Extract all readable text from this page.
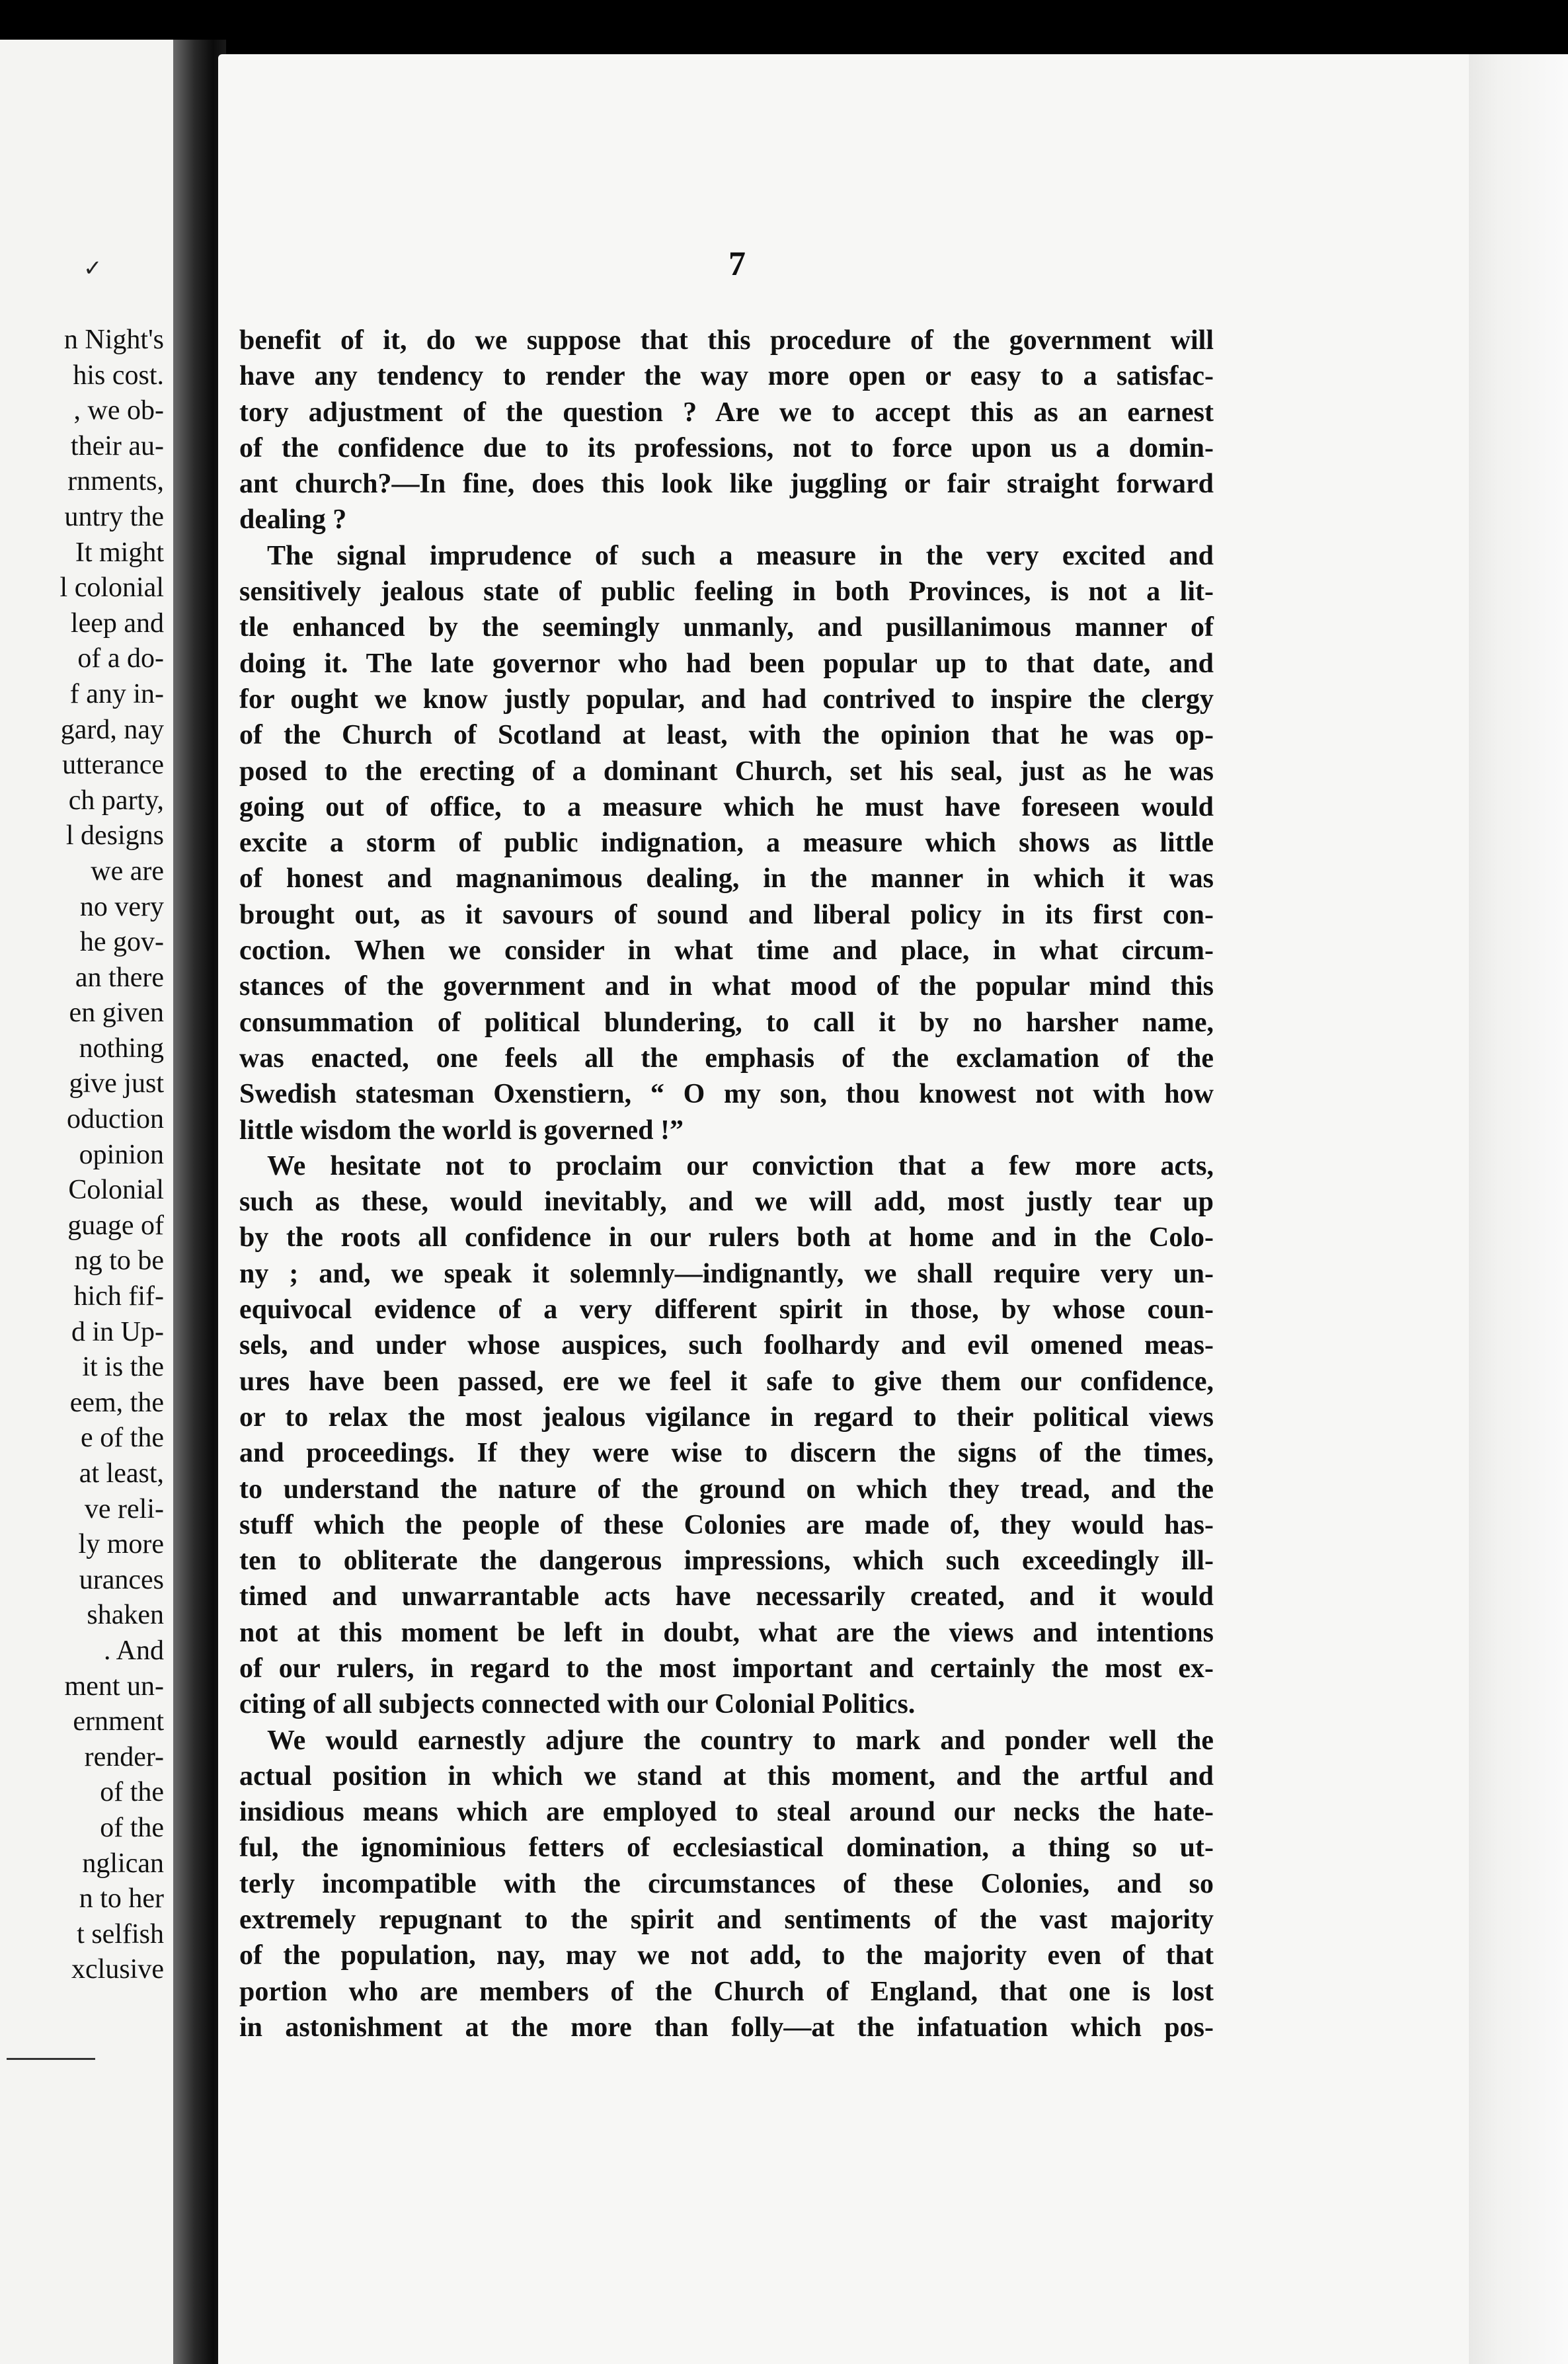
✓
n Night's
his cost.
, we ob-
their au-
rnments,
untry the
It might
l colonial
leep and
of a do-
f any in-
gard, nay
utterance
ch party,
l designs
we are
no very
he gov-
an there
en given
nothing
give just
oduction
opinion
Colonial
guage of
ng to be
hich fif-
d in Up-
it is the
eem, the
e of the
at least,
ve reli-
ly more
urances
shaken
. And
ment un-
ernment
render-
of the
of the
nglican
n to her
t selfish
xclusive
7
benefit of it, do we suppose that this procedure of the government will
have any tendency to render the way more open or easy to a satisfac-
tory adjustment of the question ? Are we to accept this as an earnest
of the confidence due to its professions, not to force upon us a domin-
ant church?—In fine, does this look like juggling or fair straight forward
dealing ?
 The signal imprudence of such a measure in the very excited and
sensitively jealous state of public feeling in both Provinces, is not a lit-
tle enhanced by the seemingly unmanly, and pusillanimous manner of
doing it. The late governor who had been popular up to that date, and
for ought we know justly popular, and had contrived to inspire the clergy
of the Church of Scotland at least, with the opinion that he was op-
posed to the erecting of a dominant Church, set his seal, just as he was
going out of office, to a measure which he must have foreseen would
excite a storm of public indignation, a measure which shows as little
of honest and magnanimous dealing, in the manner in which it was
brought out, as it savours of sound and liberal policy in its first con-
coction. When we consider in what time and place, in what circum-
stances of the government and in what mood of the popular mind this
consummation of political blundering, to call it by no harsher name,
was enacted, one feels all the emphasis of the exclamation of the
Swedish statesman Oxenstiern, “ O my son, thou knowest not with how
little wisdom the world is governed !”
 We hesitate not to proclaim our conviction that a few more acts,
such as these, would inevitably, and we will add, most justly tear up
by the roots all confidence in our rulers both at home and in the Colo-
ny ; and, we speak it solemnly—indignantly, we shall require very un-
equivocal evidence of a very different spirit in those, by whose coun-
sels, and under whose auspices, such foolhardy and evil omened meas-
ures have been passed, ere we feel it safe to give them our confidence,
or to relax the most jealous vigilance in regard to their political views
and proceedings. If they were wise to discern the signs of the times,
to understand the nature of the ground on which they tread, and the
stuff which the people of these Colonies are made of, they would has-
ten to obliterate the dangerous impressions, which such exceedingly ill-
timed and unwarrantable acts have necessarily created, and it would
not at this moment be left in doubt, what are the views and intentions
of our rulers, in regard to the most important and certainly the most ex-
citing of all subjects connected with our Colonial Politics.
 We would earnestly adjure the country to mark and ponder well the
actual position in which we stand at this moment, and the artful and
insidious means which are employed to steal around our necks the hate-
ful, the ignominious fetters of ecclesiastical domination, a thing so ut-
terly incompatible with the circumstances of these Colonies, and so
extremely repugnant to the spirit and sentiments of the vast majority
of the population, nay, may we not add, to the majority even of that
portion who are members of the Church of England, that one is lost
in astonishment at the more than folly—at the infatuation which pos-
